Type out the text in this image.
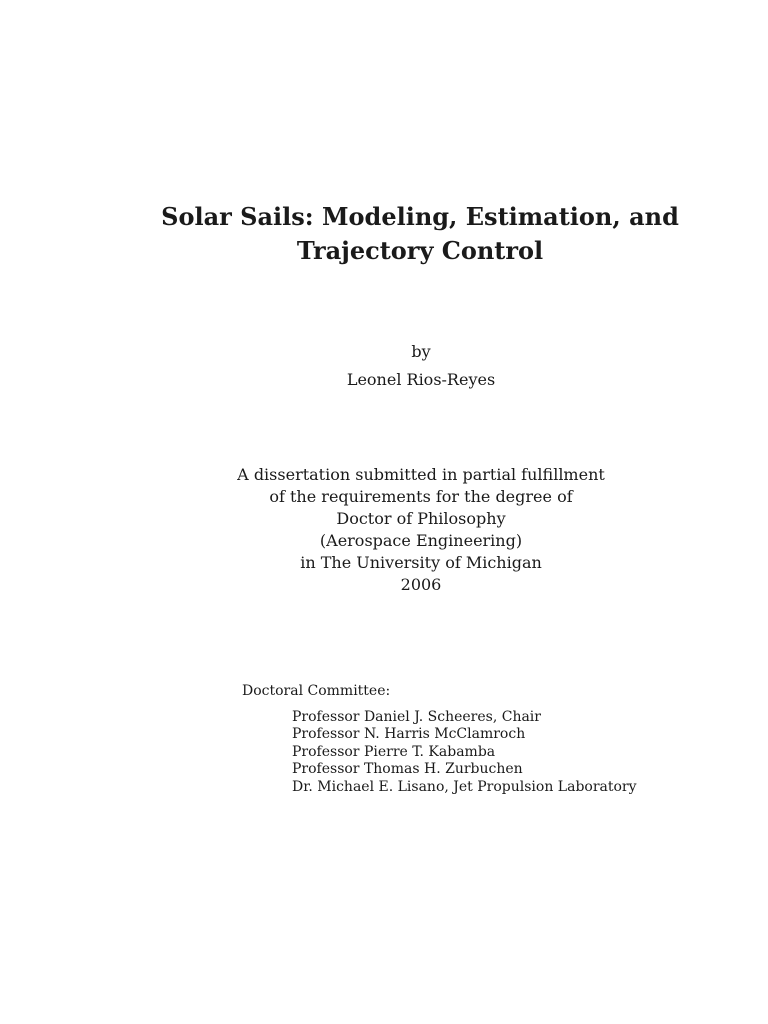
Solar Sails: Modeling, Estimation, and
Trajectory Control
by
Leonel Rios-Reyes
A dissertation submitted in partial fulfillment
of the requirements for the degree of
Doctor of Philosophy
(Aerospace Engineering)
in The University of Michigan
2006
Doctoral Committee:
Professor Daniel J. Scheeres, Chair
Professor N. Harris McClamroch
Professor Pierre T. Kabamba
Professor Thomas H. Zurbuchen
Dr. Michael E. Lisano, Jet Propulsion Laboratory
